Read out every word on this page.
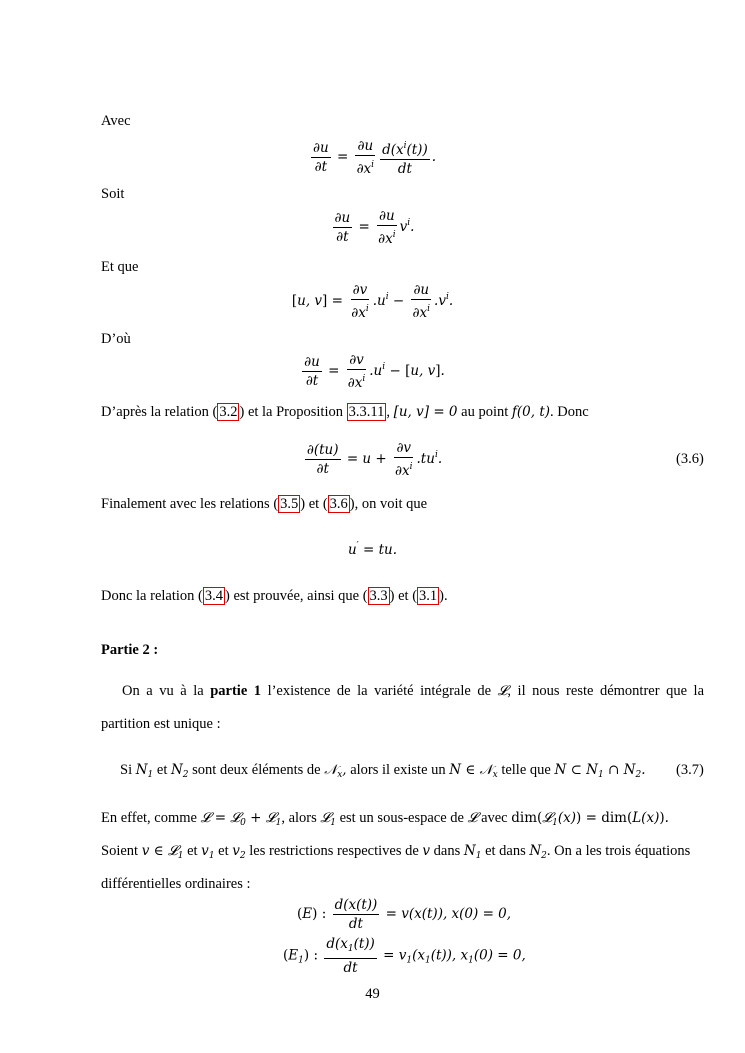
Avec
$\frac{\partial u}{\partial t} = \frac{\partial u}{\partial x^i} \frac{d(x^i(t))}{dt}$ .
Soit
$\frac{\partial u}{\partial t} = \frac{\partial u}{\partial x^i} v^i$.
Et que
[u, $v] = \frac{\partial v}{\partial x^i} .u^i - \frac{\partial u}{\partial x^i} .v^i$.
D’où
$\frac{\partial u}{\partial t} = \frac{\partial v}{\partial x^i} .u^i - [u$, v].
D’après la relation ( 3.2 ) et la Proposition 3.3.11 , [u, v] = 0 au point f(0, t). Donc
$\frac{\partial(tu)}{\partial t} = u + \frac{\partial v}{\partial x^i} .tu^i$.	(3.6)
Finalement avec les relations ( 3.5 ) et ( 3.6 ), on voit que
u′ = tu.
Donc la relation ( 3.4 ) est prouvée, ainsi que ( 3.3 ) et ( 3.1 ).
Partie 2 :
On a vu à la partie 1 l’existence de la variété intégrale de 𝓛, il nous reste démontrer que la
partition est unique :
Si $N_1$ et $N_2$ sont deux éléments de 𝒩$_x$, alors il existe un N ∈ 𝒩$_x$ telle que N ⊂ $N_1$ ∩ $N_2$. (3.7)
En effet, comme 𝓛 = 𝓛$_0$ + 𝓛$_1$, alors 𝓛$_1$ est un sous-espace de 𝓛 avec dim(𝓛$_1$(x)) = dim(L(x)).
Soient v ∈ 𝓛$_1$ et $v_1$ et $v_2$ les restrictions respectives de v dans $N_1$ et dans $N_2$. On a les trois équations
différentielles ordinaires :
(E) : $\frac{d(x(t))}{dt} = v(x(t))$, x(0) = 0,
$(E_1)$ : $\frac{d(x_1(t))}{dt} = v_1(x_1(t))$, $x_1(0) = 0$,
49
